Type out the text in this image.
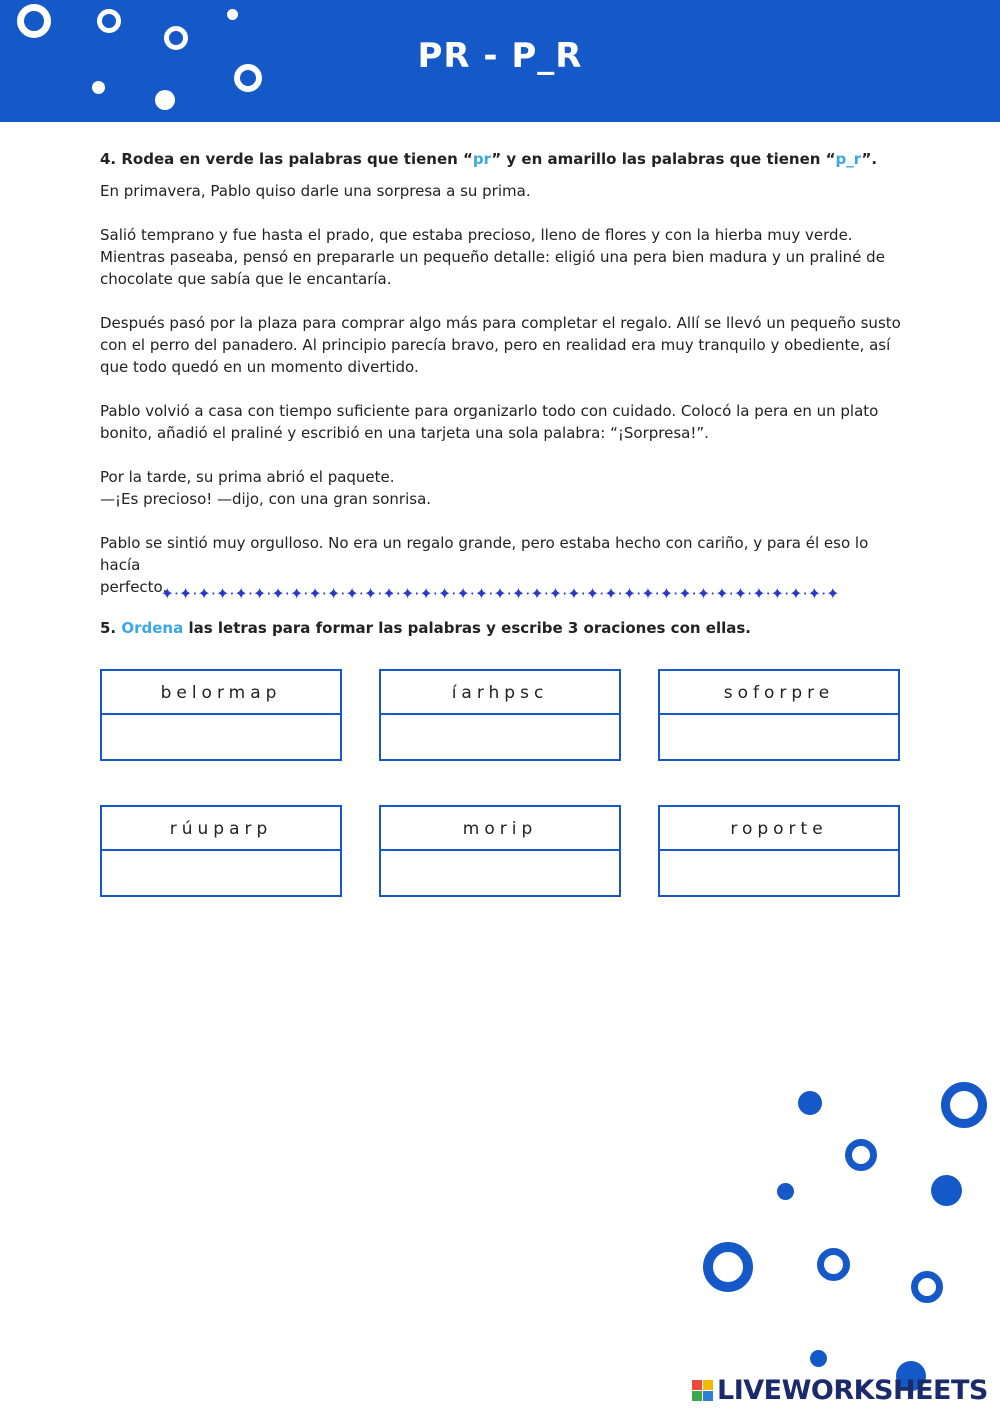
PR - P_R

4. Rodea en verde las palabras que tienen “pr” y en amarillo las palabras que tienen “p_r”.

En primavera, Pablo quiso darle una sorpresa a su prima.

Salió temprano y fue hasta el prado, que estaba precioso, lleno de flores y con la hierba muy verde.
Mientras paseaba, pensó en prepararle un pequeño detalle: eligió una pera bien madura y un praliné de
chocolate que sabía que le encantaría.

Después pasó por la plaza para comprar algo más para completar el regalo. Allí se llevó un pequeño susto
con el perro del panadero. Al principio parecía bravo, pero en realidad era muy tranquilo y obediente, así
que todo quedó en un momento divertido.

Pablo volvió a casa con tiempo suficiente para organizarlo todo con cuidado. Colocó la pera en un plato
bonito, añadió el praliné y escribió en una tarjeta una sola palabra: “¡Sorpresa!”.

Por la tarde, su prima abrió el paquete.
—¡Es precioso! —dijo, con una gran sonrisa.

Pablo se sintió muy orgulloso. No era un regalo grande, pero estaba hecho con cariño, y para él eso lo hacía
perfecto.

✦·✦·✦·✦·✦·✦·✦·✦·✦·✦·✦·✦·✦·✦·✦·✦·✦·✦·✦·✦·✦·✦·✦·✦·✦·✦·✦·✦·✦·✦·✦·✦·✦·✦·✦·✦·✦
5. Ordena las letras para formar las palabras y escribe 3 oraciones con ellas.
belormap	íarhpsc	soforpre
rúuparp	morip	roporte
LIVEWORKSHEETS
